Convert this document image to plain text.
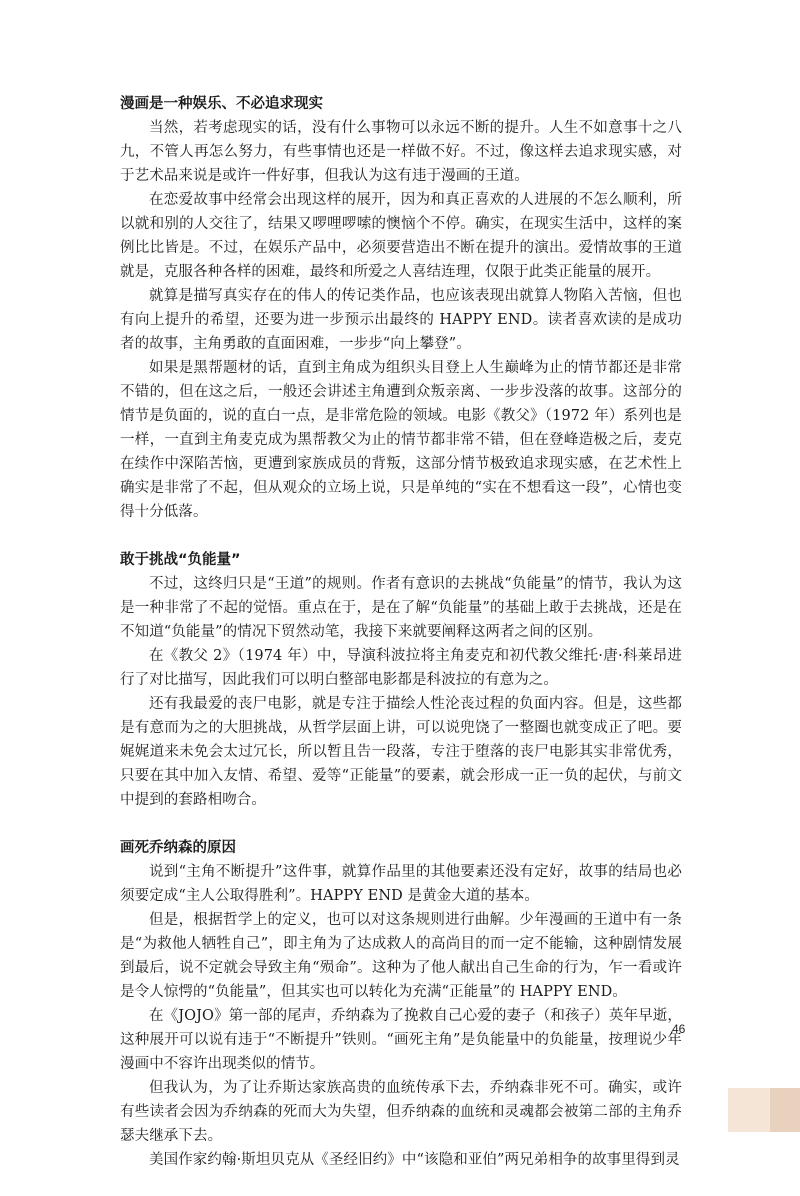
漫画是一种娱乐、不必追求现实

当然，若考虑现实的话，没有什么事物可以永远不断的提升。人生不如意事十之八九，不管人再怎么努力，有些事情也还是一样做不好。不过，像这样去追求现实感，对于艺术品来说是或许一件好事，但我认为这有违于漫画的王道。

在恋爱故事中经常会出现这样的展开，因为和真正喜欢的人进展的不怎么顺利，所以就和别的人交往了，结果又啰哩啰嗦的懊恼个不停。确实，在现实生活中，这样的案例比比皆是。不过，在娱乐产品中，必须要营造出不断在提升的演出。爱情故事的王道就是，克服各种各样的困难，最终和所爱之人喜结连理，仅限于此类正能量的展开。

就算是描写真实存在的伟人的传记类作品，也应该表现出就算人物陷入苦恼，但也有向上提升的希望，还要为进一步预示出最终的 HAPPY END。读者喜欢读的是成功者的故事，主角勇敢的直面困难，一步步“向上攀登”。

如果是黑帮题材的话，直到主角成为组织头目登上人生巅峰为止的情节都还是非常不错的，但在这之后，一般还会讲述主角遭到众叛亲离、一步步没落的故事。这部分的情节是负面的，说的直白一点，是非常危险的领域。电影《教父》（1972 年）系列也是一样，一直到主角麦克成为黑帮教父为止的情节都非常不错，但在登峰造极之后，麦克在续作中深陷苦恼，更遭到家族成员的背叛，这部分情节极致追求现实感，在艺术性上确实是非常了不起，但从观众的立场上说，只是单纯的“实在不想看这一段”，心情也变得十分低落。

敢于挑战“负能量”

不过，这终归只是“王道”的规则。作者有意识的去挑战“负能量”的情节，我认为这是一种非常了不起的觉悟。重点在于，是在了解“负能量”的基础上敢于去挑战，还是在不知道“负能量”的情况下贸然动笔，我接下来就要阐释这两者之间的区别。

在《教父 2》（1974 年）中，导演科波拉将主角麦克和初代教父维托·唐·科莱昂进行了对比描写，因此我们可以明白整部电影都是科波拉的有意为之。

还有我最爱的丧尸电影，就是专注于描绘人性沦丧过程的负面内容。但是，这些都是有意而为之的大胆挑战，从哲学层面上讲，可以说兜饶了一整圈也就变成正了吧。要娓娓道来未免会太过冗长，所以暂且告一段落，专注于堕落的丧尸电影其实非常优秀，只要在其中加入友情、希望、爱等“正能量”的要素，就会形成一正一负的起伏，与前文中提到的套路相吻合。

画死乔纳森的原因

说到“主角不断提升”这件事，就算作品里的其他要素还没有定好，故事的结局也必须要定成“主人公取得胜利”。HAPPY END 是黄金大道的基本。

但是，根据哲学上的定义，也可以对这条规则进行曲解。少年漫画的王道中有一条是“为救他人牺牲自己”，即主角为了达成救人的高尚目的而一定不能输，这种剧情发展到最后，说不定就会导致主角“殒命”。这种为了他人献出自己生命的行为，乍一看或许是令人惊愕的“负能量”，但其实也可以转化为充满“正能量”的 HAPPY END。

在《JOJO》第一部的尾声，乔纳森为了挽救自己心爱的妻子（和孩子）英年早逝，这种展开可以说有违于“不断提升”铁则。“画死主角”是负能量中的负能量，按理说少年漫画中不容许出现类似的情节。

但我认为，为了让乔斯达家族高贵的血统传承下去，乔纳森非死不可。确实，或许有些读者会因为乔纳森的死而大为失望，但乔纳森的血统和灵魂都会被第二部的主角乔瑟夫继承下去。

美国作家约翰·斯坦贝克从《圣经旧约》中“该隐和亚伯”两兄弟相争的故事里得到灵

46
